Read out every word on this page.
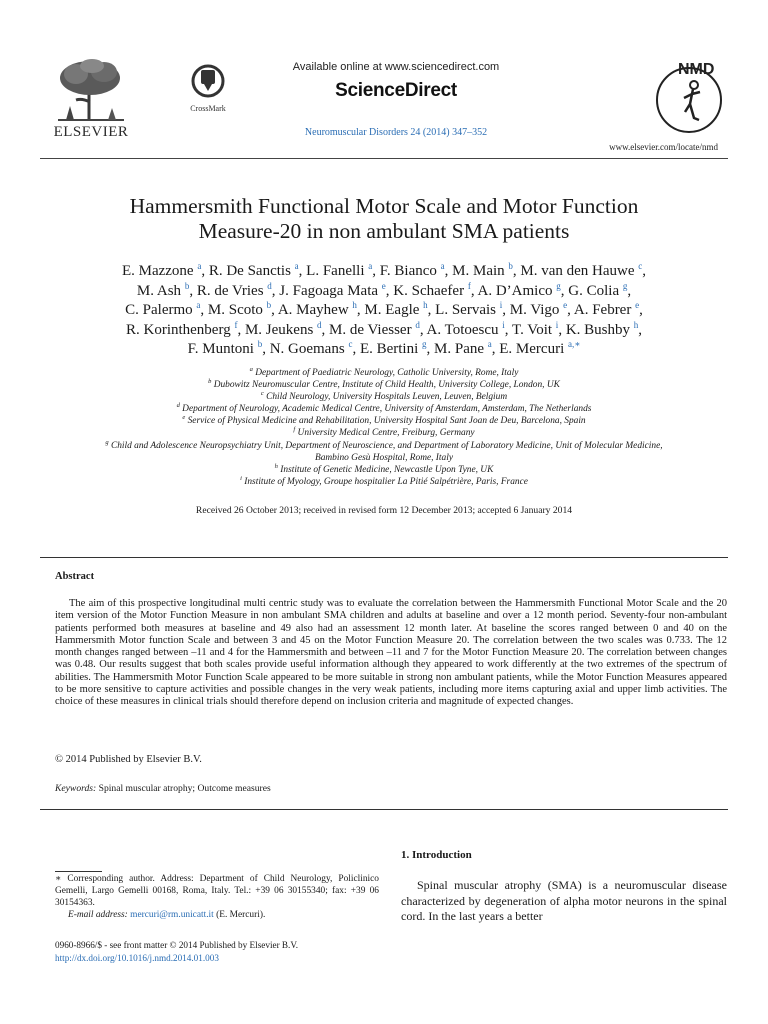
ELSEVIER
CrossMark
Available online at www.sciencedirect.com
ScienceDirect
Neuromuscular Disorders 24 (2014) 347–352
NMD
www.elsevier.com/locate/nmd
Hammersmith Functional Motor Scale and Motor Function
Measure-20 in non ambulant SMA patients
E. Mazzone $^a$, R. De Sanctis $^a$, L. Fanelli $^a$, F. Bianco $^a$, M. Main $^b$, M. van den Hauwe $^c$,
M. Ash $^b$, R. de Vries $^d$, J. Fagoaga Mata $^e$, K. Schaefer $^f$, A. D’Amico $^g$, G. Colia $^g$,
C. Palermo $^a$, M. Scoto $^b$, A. Mayhew $^h$, M. Eagle $^h$, L. Servais $^i$, M. Vigo $^e$, A. Febrer $^e$,
R. Korinthenberg $^f$, M. Jeukens $^d$, M. de Viesser $^d$, A. Totoescu $^i$, T. Voit $^i$, K. Bushby $^h$,
F. Muntoni $^b$, N. Goemans $^c$, E. Bertini $^g$, M. Pane $^a$, E. Mercuri $^{a,∗}$
$^a$ Department of Paediatric Neurology, Catholic University, Rome, Italy
$^b$ Dubowitz Neuromuscular Centre, Institute of Child Health, University College, London, UK
$^c$ Child Neurology, University Hospitals Leuven, Leuven, Belgium
$^d$ Department of Neurology, Academic Medical Centre, University of Amsterdam, Amsterdam, The Netherlands
$^e$ Service of Physical Medicine and Rehabilitation, University Hospital Sant Joan de Deu, Barcelona, Spain
$^f$ University Medical Centre, Freiburg, Germany
$^g$ Child and Adolescence Neuropsychiatry Unit, Department of Neuroscience, and Department of Laboratory Medicine, Unit of Molecular Medicine,
Bambino Gesù Hospital, Rome, Italy
$^h$ Institute of Genetic Medicine, Newcastle Upon Tyne, UK
$^i$ Institute of Myology, Groupe hospitalier La Pitié Salpétrière, Paris, France
Received 26 October 2013; received in revised form 12 December 2013; accepted 6 January 2014
Abstract
The aim of this prospective longitudinal multi centric study was to evaluate the correlation between the Hammersmith Functional Motor Scale and the 20 item version of the Motor Function Measure in non ambulant SMA children and adults at baseline and over a 12 month period. Seventy-four non-ambulant patients performed both measures at baseline and 49 also had an assessment 12 month later. At baseline the scores ranged between 0 and 40 on the Hammersmith Motor function Scale and between 3 and 45 on the Motor Function Measure 20. The correlation between the two scales was 0.733. The 12 month changes ranged between –11 and 4 for the Hammersmith and between –11 and 7 for the Motor Function Measure 20. The correlation between changes was 0.48. Our results suggest that both scales provide useful information although they appeared to work differently at the two extremes of the spectrum of abilities. The Hammersmith Motor Function Scale appeared to be more suitable in strong non ambulant patients, while the Motor Function Measures appeared to be more sensitive to capture activities and possible changes in the very weak patients, including more items capturing axial and upper limb activities. The choice of these measures in clinical trials should therefore depend on inclusion criteria and magnitude of expected changes.
© 2014 Published by Elsevier B.V.
Keywords: Spinal muscular atrophy; Outcome measures
∗ Corresponding author. Address: Department of Child Neurology, Policlinico Gemelli, Largo Gemelli 00168, Roma, Italy. Tel.: +39 06 30155340; fax: +39 06 30154363.
E-mail address: mercuri@rm.unicatt.it (E. Mercuri).
0960-8966/$ - see front matter © 2014 Published by Elsevier B.V.
http://dx.doi.org/10.1016/j.nmd.2014.01.003
1. Introduction
Spinal muscular atrophy (SMA) is a neuromuscular disease characterized by degeneration of alpha motor neurons in the spinal cord. In the last years a better
